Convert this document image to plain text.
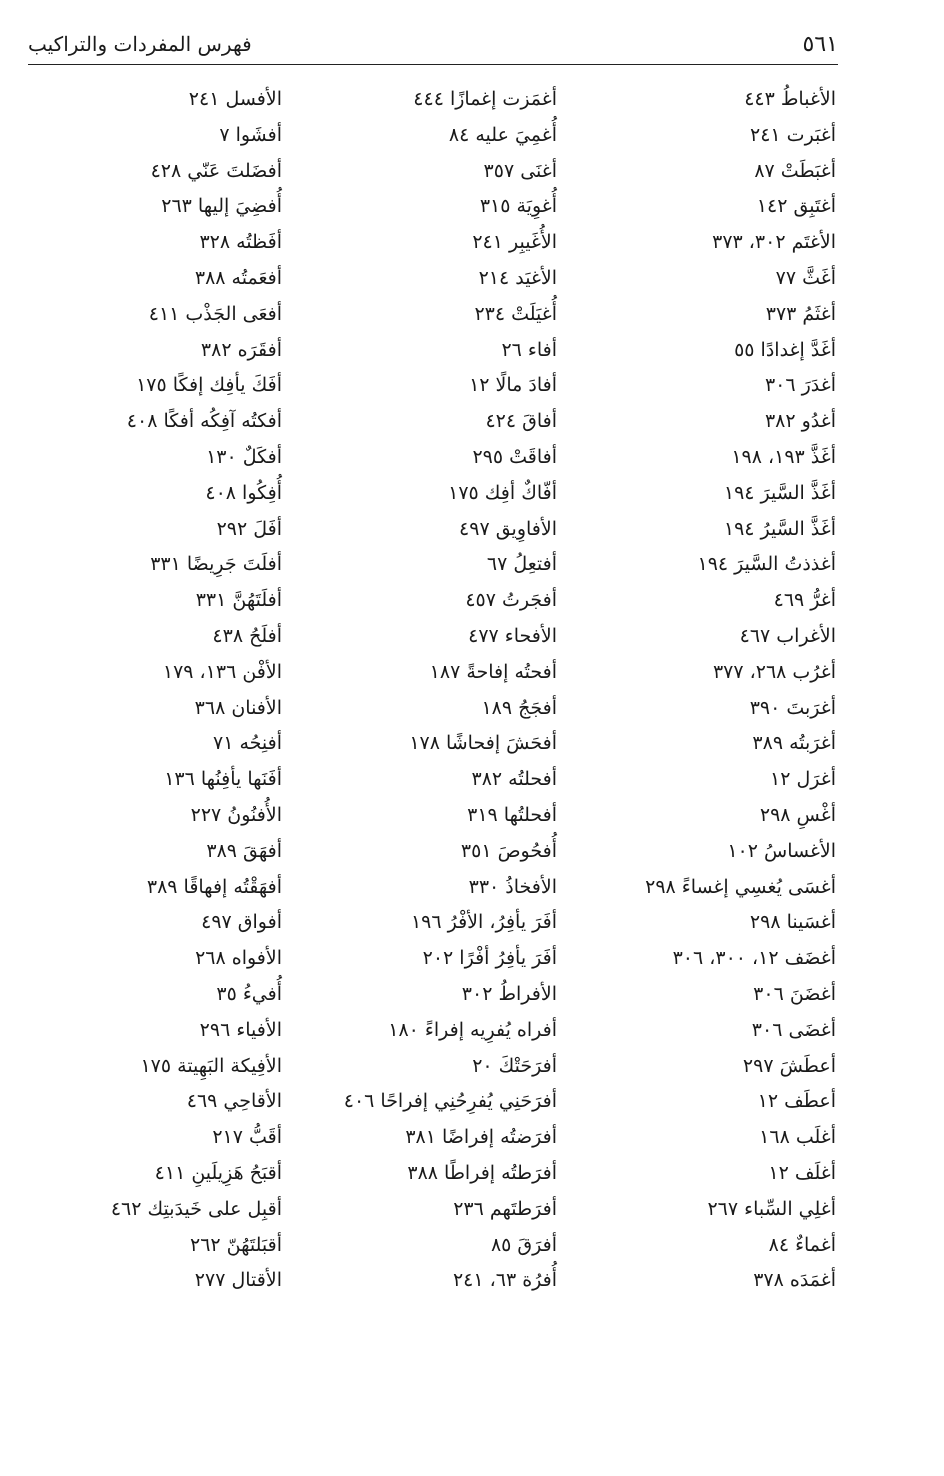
٥٦١
فهرس المفردات والتراكيب
الأغباطُ ٤٤٣
أغبَرت ٢٤١
أغبَطَتْ ٨٧
أغتَبِق ١٤٢
الأغتَم ٣٠٢، ٣٧٣
أغَثَّ ٧٧
أغثَمُ ٣٧٣
أغَدَّ إغدادًا ٥٥
أغدَرَ ٣٠٦
أغدُو ٣٨٢
أغَذَّ ١٩٣، ١٩٨
أغَذَّ السَّيرَ ١٩٤
أغَذَّ السَّيرُ ١٩٤
أغذذتُ السَّيرَ ١٩٤
أغرُّ ٤٦٩
الأغراب ٤٦٧
أغرُب ٢٦٨، ٣٧٧
أغرَبتَ ٣٩٠
أغرَبتُه ٣٨٩
أغرَل ١٢
أغْسِ ٢٩٨
الأغساسُ ١٠٢
أغسَى يُغسِي إغساءً ٢٩٨
أغسَينا ٢٩٨
أغضَف ١٢، ٣٠٠، ٣٠٦
أغضَنَ ٣٠٦
أغضَى ٣٠٦
أعطَشَ ٢٩٧
أعطَف ١٢
أغلَب ١٦٨
أغلَف ١٢
أغلِي السِّباء ٢٦٧
أغماءٌ ٨٤
أغمَدَه ٣٧٨
أغمَزت إغمازًا ٤٤٤
أُغمِيَ عليه ٨٤
أغنَى ٣٥٧
أُغوِيَة ٣١٥
الأُغَيبِر ٢٤١
الأغيَد ٢١٤
أُغيَلَتْ ٢٣٤
أفاء ٢٦
أفادَ مالًا ١٢
أفاقَ ٤٢٤
أفاقَتْ ٢٩٥
أفّاكٌ أفِك ١٧٥
الأفاوِيق ٤٩٧
أفتعِلُ ٦٧
أفجَرتُ ٤٥٧
الأفحاء ٤٧٧
أفحتُه إفاحةً ١٨٧
أفجَجُ ١٨٩
أفحَشَ إفحاشًا ١٧٨
أفحلتُه ٣٨٢
أفحلتُها ٣١٩
أُفحُوصَ ٣٥١
الأفخاذُ ٣٣٠
أفَرَ يأفِرُ، الأفْرُ ١٩٦
أفَرَ يأفِرُ أفْرًا ٢٠٢
الأفراطُ ٣٠٢
أفراه يُفرِيه إفراءً ١٨٠
أفرَحَتْكَ ٢٠
أفرَحَنِي يُفرِحُنِي إفراحًا ٤٠٦
أفرَضتُه إفراضًا ٣٨١
أفرَطتُه إفراطًا ٣٨٨
أفرَطتَهم ٢٣٦
أفرَقَ ٨٥
أُفرُة ٦٣، ٢٤١
الأفسل ٢٤١
أفشَوا ٧
أفضَلتَ عَنّي ٤٢٨
أُفضِيَ إليها ٢٦٣
أفَظتُه ٣٢٨
أفعَمتُه ٣٨٨
أفعَى الجَذْب ٤١١
أفقَرَه ٣٨٢
أفَكَ يأفِك إفكًا ١٧٥
أفكتُه آفِكُه أفكًا ٤٠٨
أفكَلٌ ١٣٠
أُفِكُوا ٤٠٨
أفَلَ ٢٩٢
أفلَتَ جَرِيضًا ٣٣١
أفلَتَهُنَّ ٣٣١
أفلَحُ ٤٣٨
الأفْن ١٣٦، ١٧٩
الأفنان ٣٦٨
أفنِحُه ٧١
أفَنَها يأفِنُها ١٣٦
الأُفنُونُ ٢٢٧
أفهَقَ ٣٨٩
أفهَقْتُه إفهاقًا ٣٨٩
أفواق ٤٩٧
الأفواه ٢٦٨
أُفيءُ ٣٥
الأفياء ٢٩٦
الأفِيكة البَهِيتة ١٧٥
الأقاحِي ٤٦٩
أقَبُّ ٢١٧
أقبَحُ هَزِيلَينِ ٤١١
أقبِل على خَيدَبتِك ٤٦٢
أقبَلتَهُنّ ٢٦٢
الأقتال ٢٧٧
